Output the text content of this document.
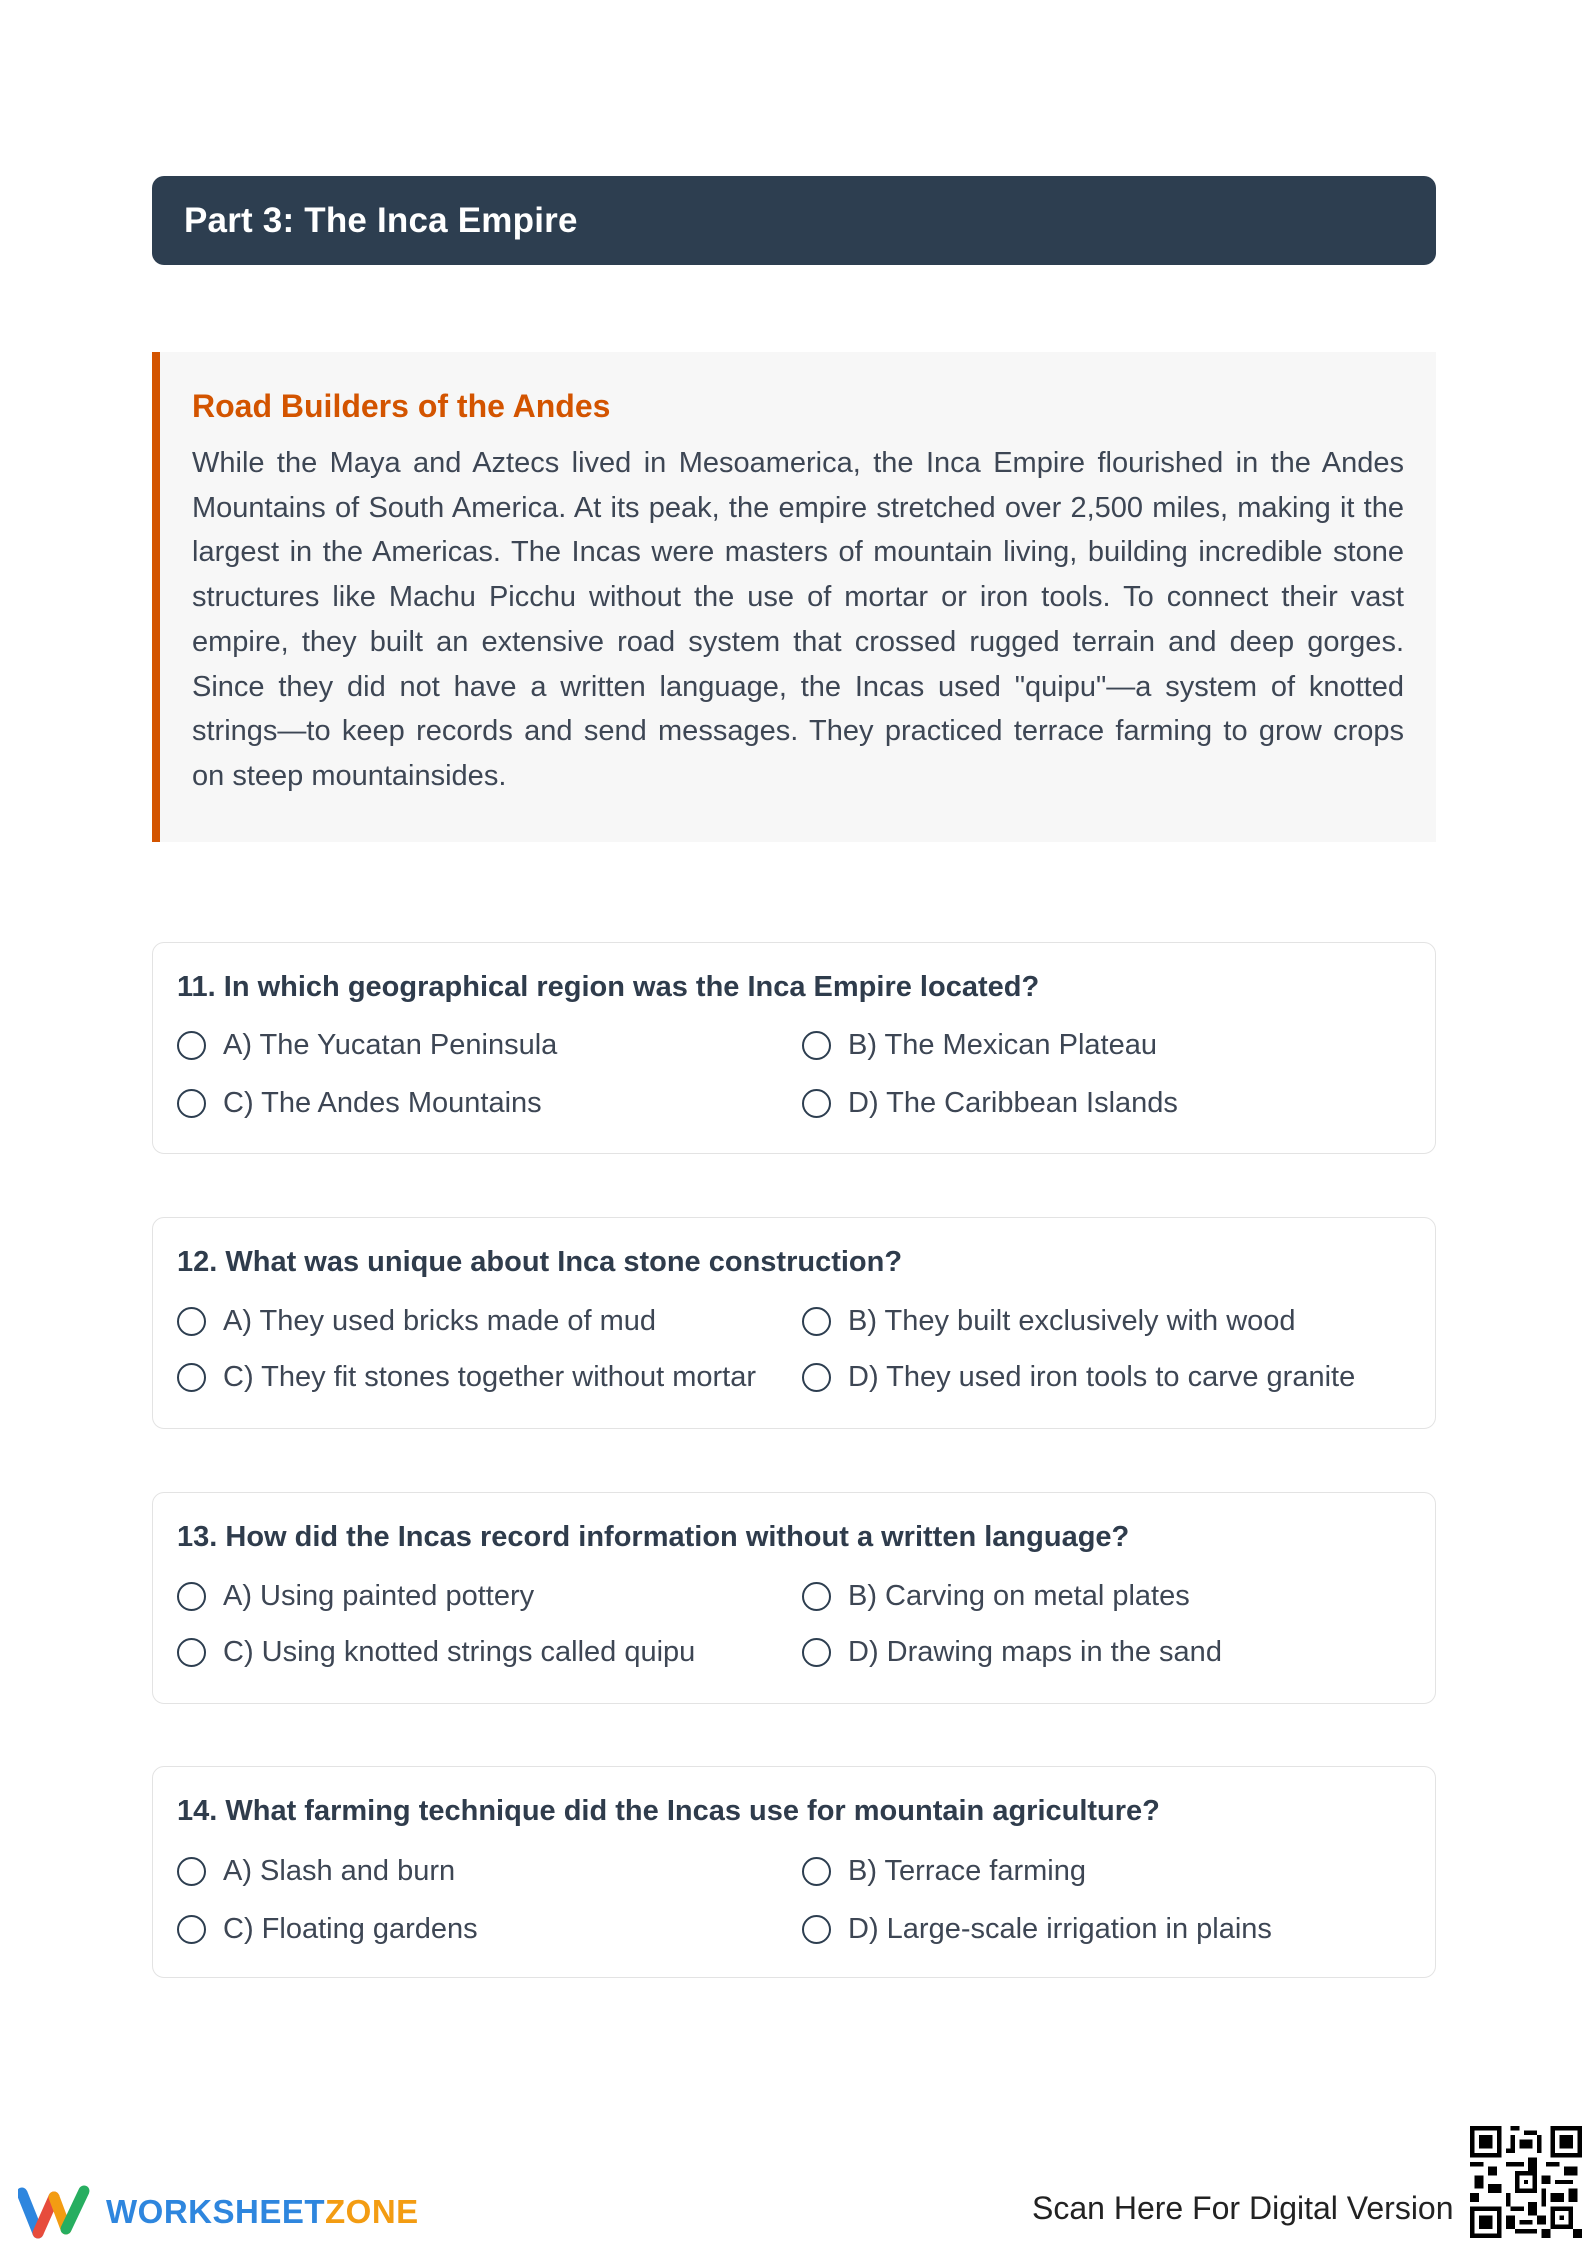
Part 3: The Inca Empire
Road Builders of the Andes

While the Maya and Aztecs lived in Mesoamerica, the Inca Empire flourished in the Andes Mountains of South America. At its peak, the empire stretched over 2,500 miles, making it the largest in the Americas. The Incas were masters of mountain living, building incredible stone structures like Machu Picchu without the use of mortar or iron tools. To connect their vast empire, they built an extensive road system that crossed rugged terrain and deep gorges. Since they did not have a written language, the Incas used "quipu"—a system of knotted strings—to keep records and send messages. They practiced terrace farming to grow crops on steep mountainsides.

11. In which geographical region was the Inca Empire located?
A) The Yucatan Peninsula	B) The Mexican Plateau
C) The Andes Mountains	D) The Caribbean Islands
12. What was unique about Inca stone construction?
A) They used bricks made of mud	B) They built exclusively with wood
C) They fit stones together without mortar	D) They used iron tools to carve granite
13. How did the Incas record information without a written language?
A) Using painted pottery	B) Carving on metal plates
C) Using knotted strings called quipu	D) Drawing maps in the sand
14. What farming technique did the Incas use for mountain agriculture?
A) Slash and burn	B) Terrace farming
C) Floating gardens	D) Large-scale irrigation in plains
WORKSHEETZONE	Scan Here For Digital Version
